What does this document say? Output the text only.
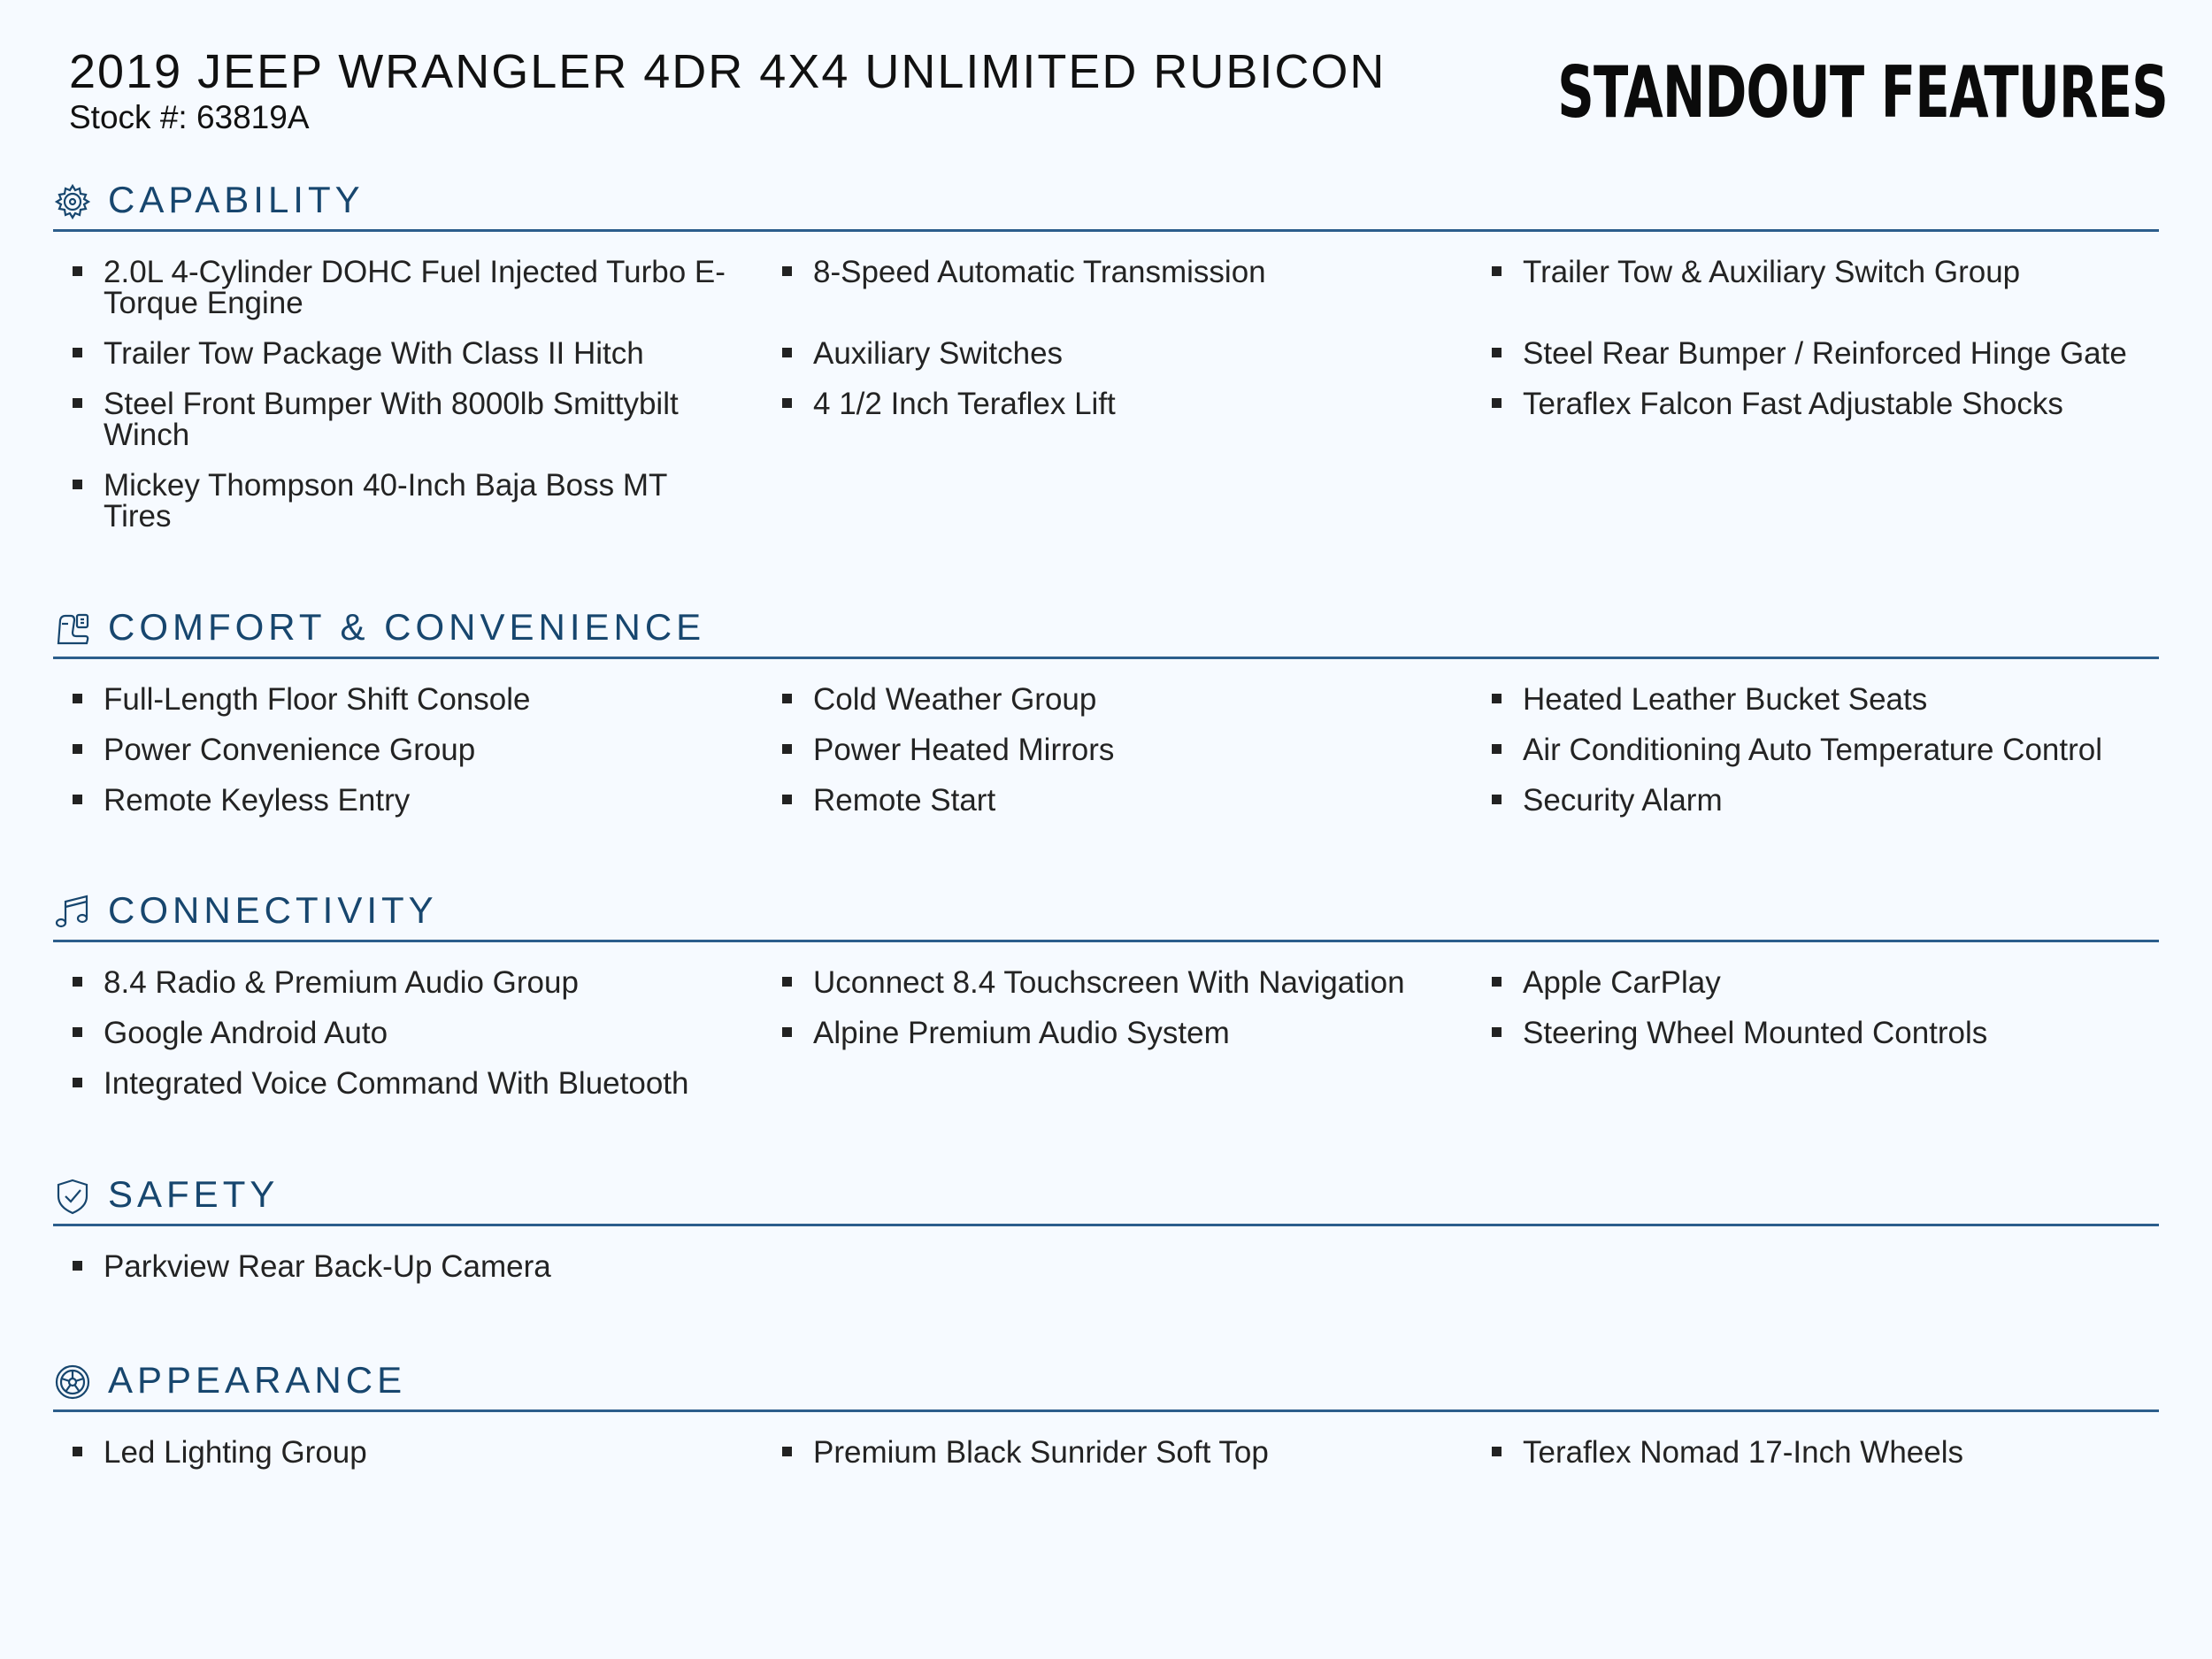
2019 JEEP WRANGLER 4DR 4X4 UNLIMITED RUBICON
Stock #: 63819A	STANDOUT FEATURES
CAPABILITY
2.0L 4-Cylinder DOHC Fuel Injected Turbo E-Torque Engine
8-Speed Automatic Transmission	Trailer Tow & Auxiliary Switch Group
Trailer Tow Package With Class II Hitch	Auxiliary Switches	Steel Rear Bumper / Reinforced Hinge Gate
Steel Front Bumper With 8000lb Smittybilt Winch
4 1/2 Inch Teraflex Lift	Teraflex Falcon Fast Adjustable Shocks
Mickey Thompson 40-Inch Baja Boss MT Tires
COMFORT & CONVENIENCE
Full-Length Floor Shift Console	Cold Weather Group	Heated Leather Bucket Seats
Power Convenience Group	Power Heated Mirrors	Air Conditioning Auto Temperature Control
Remote Keyless Entry	Remote Start	Security Alarm
CONNECTIVITY
8.4 Radio & Premium Audio Group	Uconnect 8.4 Touchscreen With Navigation	Apple CarPlay
Google Android Auto	Alpine Premium Audio System	Steering Wheel Mounted Controls
Integrated Voice Command With Bluetooth
SAFETY
Parkview Rear Back-Up Camera
APPEARANCE
Led Lighting Group	Premium Black Sunrider Soft Top	Teraflex Nomad 17-Inch Wheels
